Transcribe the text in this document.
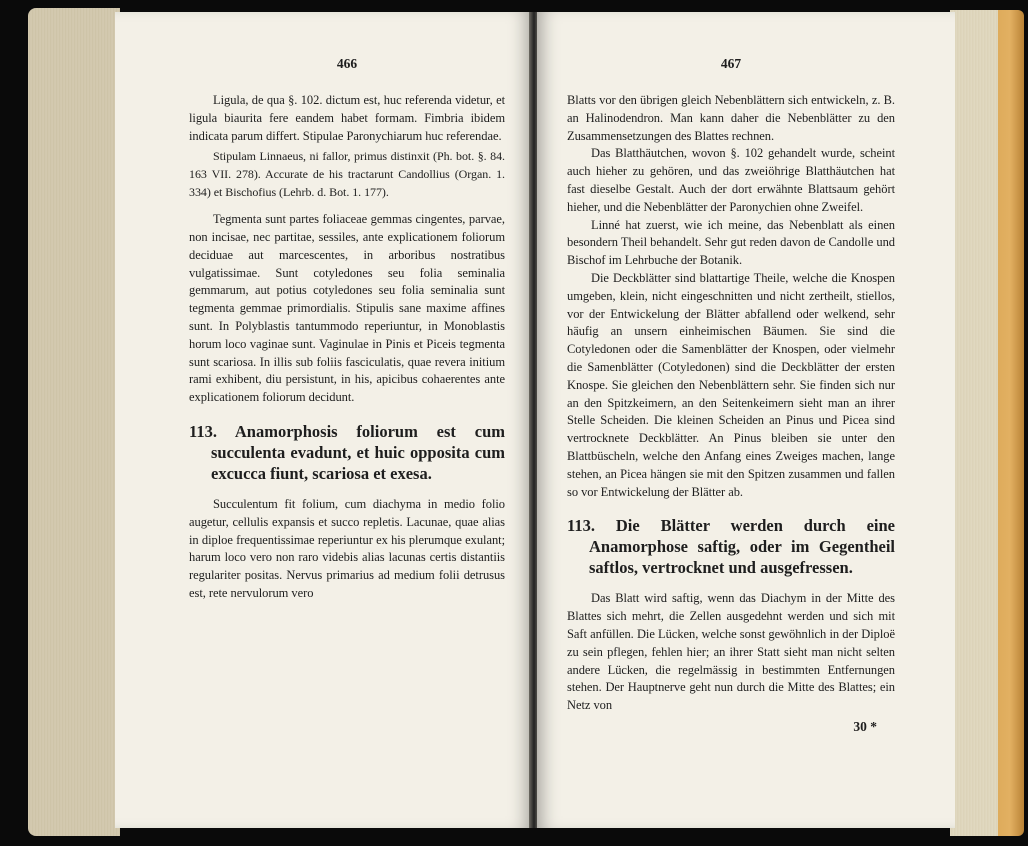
466

Ligula, de qua §. 102. dictum est, huc referenda videtur, et ligula biaurita fere eandem habet formam. Fimbria ibidem indicata parum differt. Stipulae Paronychiarum huc referendae.

Stipulam Linnaeus, ni fallor, primus distinxit (Ph. bot. §. 84. 163 VII. 278). Accurate de his tractarunt Candollius (Organ. 1. 334) et Bischofius (Lehrb. d. Bot. 1. 177).

Tegmenta sunt partes foliaceae gemmas cingentes, parvae, non incisae, nec partitae, sessiles, ante explicationem foliorum deciduae aut marcescentes, in arboribus nostratibus vulgatissimae. Sunt cotyledones seu folia seminalia gemmarum, aut potius cotyledones seu folia seminalia sunt tegmenta gemmae primordialis. Stipulis sane maxime affines sunt. In Polyblastis tantummodo reperiuntur, in Monoblastis horum loco vaginae sunt. Vaginulae in Pinis et Piceis tegmenta sunt scariosa. In illis sub foliis fasciculatis, quae revera initium rami exhibent, diu persistunt, in his, apicibus cohaerentes ante explicationem foliorum decidunt.

113. Anamorphosis foliorum est cum succulenta evadunt, et huic opposita cum excucca fiunt, scariosa et exesa.

Succulentum fit folium, cum diachyma in medio folio augetur, cellulis expansis et succo repletis. Lacunae, quae alias in diploe frequentissimae reperiuntur ex his plerumque exulant; harum loco vero non raro videbis alias lacunas certis distantiis regulariter positas. Nervus primarius ad medium folii detrusus est, rete nervulorum vero

467

Blatts vor den übrigen gleich Nebenblättern sich entwickeln, z. B. an Halinodendron. Man kann daher die Nebenblätter zu den Zusammensetzungen des Blattes rechnen.

Das Blatthäutchen, wovon §. 102 gehandelt wurde, scheint auch hieher zu gehören, und das zweiöhrige Blatthäutchen hat fast dieselbe Gestalt. Auch der dort erwähnte Blattsaum gehört hieher, und die Nebenblätter der Paronychien ohne Zweifel.

Linné hat zuerst, wie ich meine, das Nebenblatt als einen besondern Theil behandelt. Sehr gut reden davon de Candolle und Bischof im Lehrbuche der Botanik.

Die Deckblätter sind blattartige Theile, welche die Knospen umgeben, klein, nicht eingeschnitten und nicht zertheilt, stiellos, vor der Entwickelung der Blätter abfallend oder welkend, sehr häufig an unsern einheimischen Bäumen. Sie sind die Cotyledonen oder die Samenblätter der Knospen, oder vielmehr die Samenblätter (Cotyledonen) sind die Deckblätter der ersten Knospe. Sie gleichen den Nebenblättern sehr. Sie finden sich nur an den Spitzkeimern, an den Seitenkeimern sieht man an ihrer Stelle Scheiden. Die kleinen Scheiden an Pinus und Picea sind vertrocknete Deckblätter. An Pinus bleiben sie unter den Blattbüscheln, welche den Anfang eines Zweiges machen, lange stehen, an Picea hängen sie mit den Spitzen zusammen und fallen so vor Entwickelung der Blätter ab.

113. Die Blätter werden durch eine Anamorphose saftig, oder im Gegentheil saftlos, vertrocknet und ausgefressen.

Das Blatt wird saftig, wenn das Diachym in der Mitte des Blattes sich mehrt, die Zellen ausgedehnt werden und sich mit Saft anfüllen. Die Lücken, welche sonst gewöhnlich in der Diploë zu sein pflegen, fehlen hier; an ihrer Statt sieht man nicht selten andere Lücken, die regelmässig in bestimmten Entfernungen stehen. Der Hauptnerve geht nun durch die Mitte des Blattes; ein Netz von

30 *
